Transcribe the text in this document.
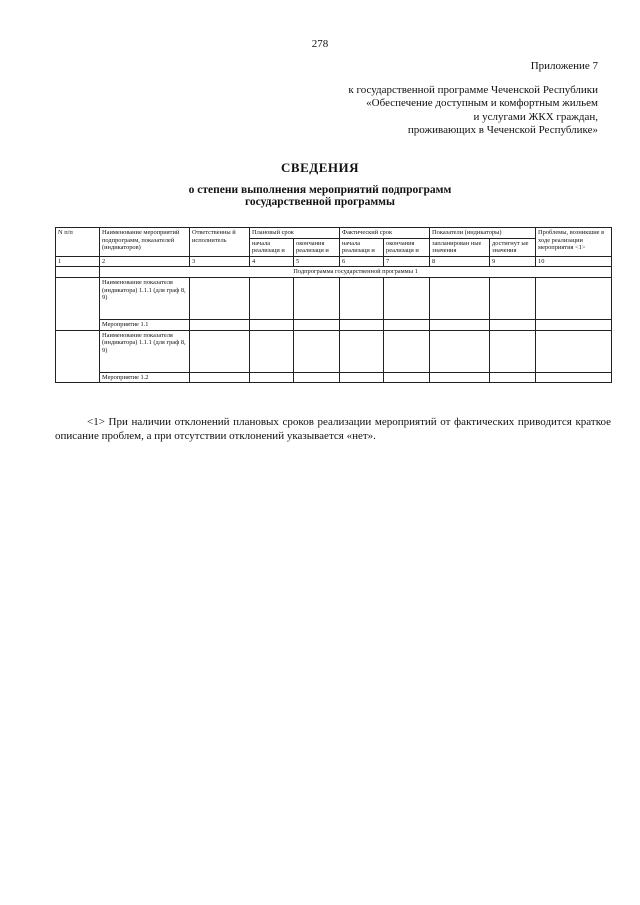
278
Приложение 7
к государственной программе Чеченской Республики
«Обеспечение доступным и комфортным жильем
и услугами ЖКХ граждан,
проживающих в Чеченской Республике»
СВЕДЕНИЯ
о степени выполнения мероприятий подпрограмм
государственной программы
N п/п	Наименование мероприятий подпрограмм, показателей (индикаторов)	Ответственны й исполнитель	Плановый срок		Фактический срок		Показатели (индикаторы)		Проблемы, возникшие в ходе реализации мероприятия <1>
			начала реализаци и	окончания реализаци и	начала реализаци и	окончания реализаци и	запланирован ные значения	достигнут ые значения	
1	2	3	4	5	6	7	8	9	10
	Подпрограмма государственной программы 1								
	Наименование показателя (индикатора) 1.1.1 (для граф 8, 9)								
	Мероприятие 1.1								
	Наименование показателя (индикатора) 1.1.1 (для граф 8, 9)								
	Мероприятие 1.2								

<1> При наличии отклонений плановых сроков реализации мероприятий от фактических приводится краткое описание проблем, а при отсутствии отклонений указывается «нет».
